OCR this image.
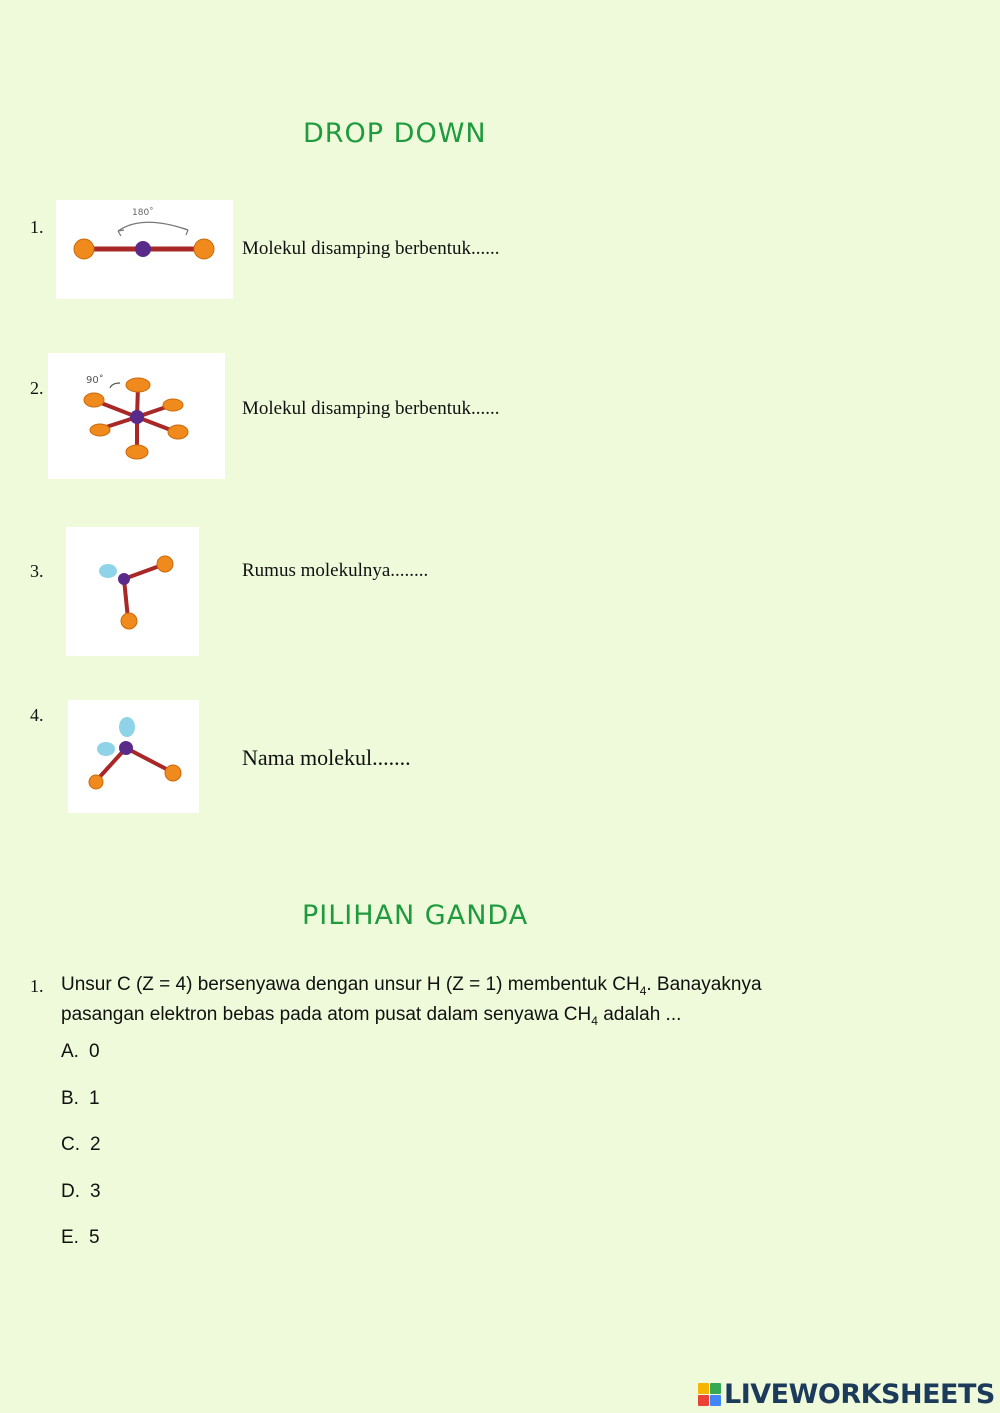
DROP DOWN
1.
180˚
Molekul disamping berbentuk......
2.	90˚
Molekul disamping berbentuk......
3.	Rumus molekulnya........
4.
Nama molekul.......
PILIHAN GANDA
1. Unsur C (Z = 4) bersenyawa dengan unsur H (Z = 1) membentuk $CH_4$. Banayaknya
pasangan elektron bebas pada atom pusat dalam senyawa $CH_4$ adalah ...
A. 0
B. 1
C. 2
D. 3
E. 5
LIVEWORKSHEETS
